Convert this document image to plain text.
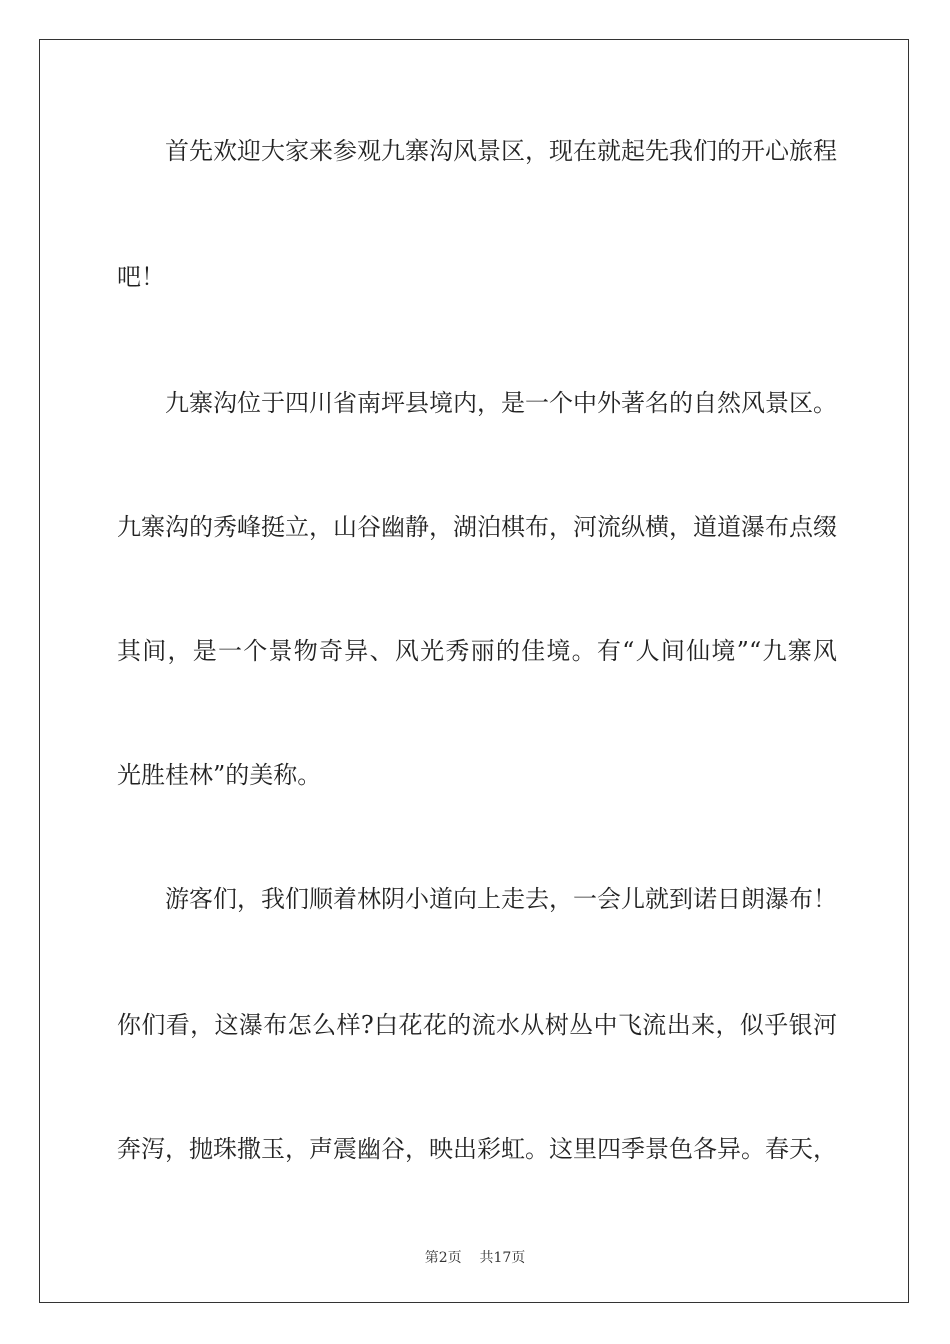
　　首先欢迎大家来参观九寨沟风景区，现在就起先我们的开心旅程
吧！
　　九寨沟位于四川省南坪县境内，是一个中外著名的自然风景区。
九寨沟的秀峰挺立，山谷幽静，湖泊棋布，河流纵横，道道瀑布点缀
其间，是一个景物奇异、风光秀丽的佳境。有“人间仙境”“九寨风
光胜桂林”的美称。
　　游客们，我们顺着林阴小道向上走去，一会儿就到诺日朗瀑布！
你们看，这瀑布怎么样?白花花的流水从树丛中飞流出来，似乎银河
奔泻，抛珠撒玉，声震幽谷，映出彩虹。这里四季景色各异。春天，
第2页    共17页
